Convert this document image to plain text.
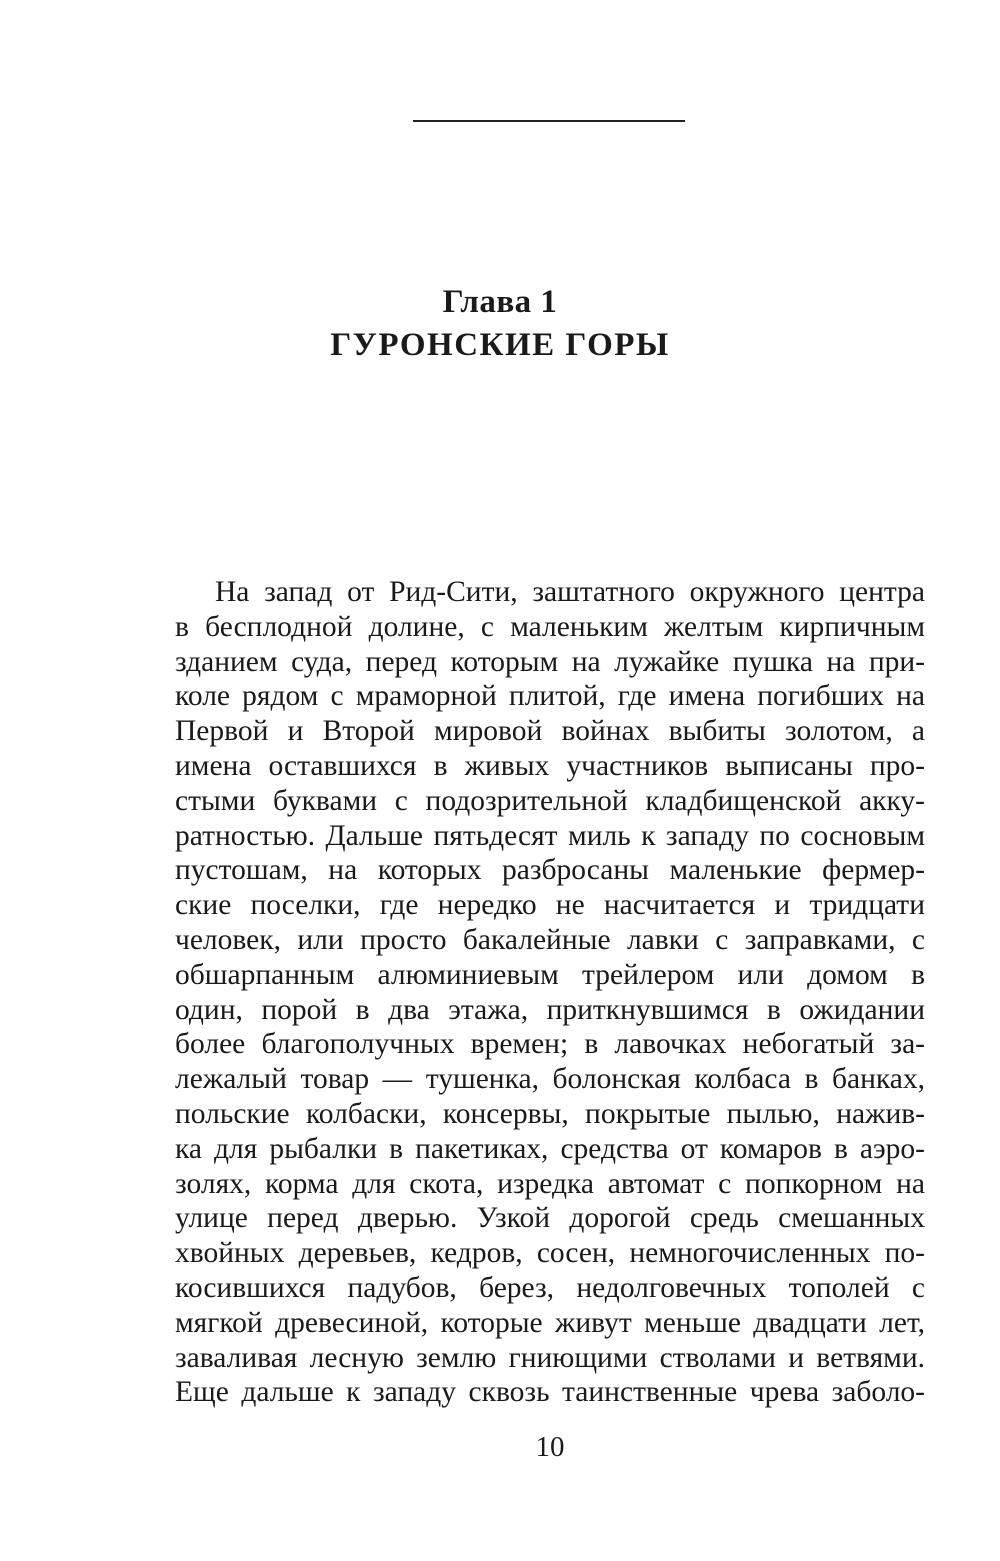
Глава 1
ГУРОНСКИЕ ГОРЫ
На запад от Рид-Сити, заштатного окружного центра
в бесплодной долине, с маленьким желтым кирпичным
зданием суда, перед которым на лужайке пушка на при-
коле рядом с мраморной плитой, где имена погибших на
Первой и Второй мировой войнах выбиты золотом, а
имена оставшихся в живых участников выписаны про-
стыми буквами с подозрительной кладбищенской акку-
ратностью. Дальше пятьдесят миль к западу по сосновым
пустошам, на которых разбросаны маленькие фермер-
ские поселки, где нередко не насчитается и тридцати
человек, или просто бакалейные лавки с заправками, с
обшарпанным алюминиевым трейлером или домом в
один, порой в два этажа, приткнувшимся в ожидании
более благополучных времен; в лавочках небогатый за-
лежалый товар — тушенка, болонская колбаса в банках,
польские колбаски, консервы, покрытые пылью, нажив-
ка для рыбалки в пакетиках, средства от комаров в аэро-
золях, корма для скота, изредка автомат с попкорном на
улице перед дверью. Узкой дорогой средь смешанных
хвойных деревьев, кедров, сосен, немногочисленных по-
косившихся падубов, берез, недолговечных тополей с
мягкой древесиной, которые живут меньше двадцати лет,
заваливая лесную землю гниющими стволами и ветвями.
Еще дальше к западу сквозь таинственные чрева заболо-
10
